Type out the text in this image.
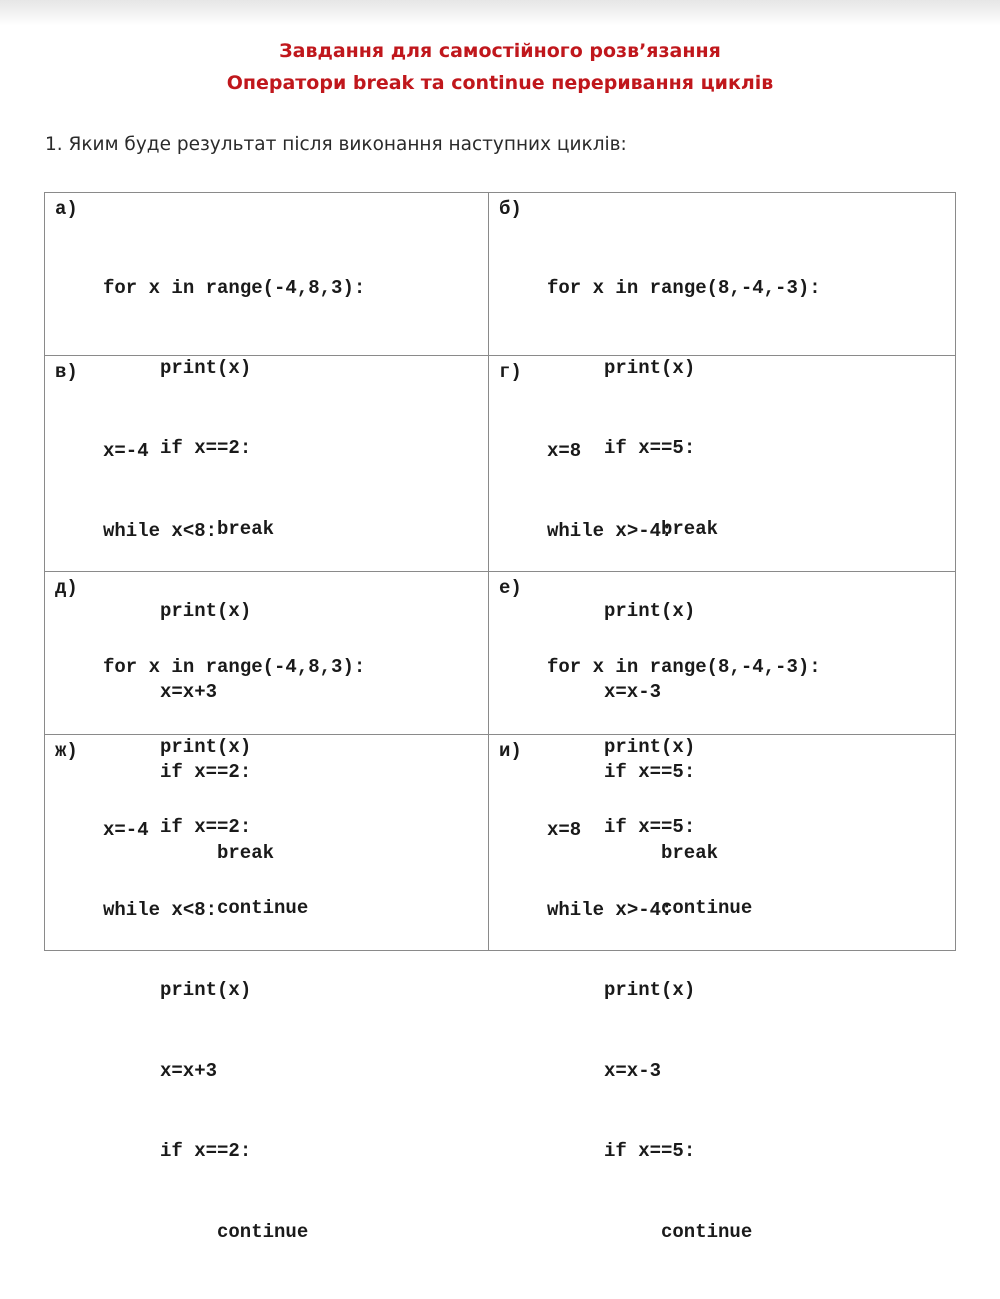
Завдання для самостійного розв’язання
Оператори break та continue переривання циклів
1. Яким буде результат після виконання наступних циклів:
а)

for x in range(-4,8,3):

print(x)

if x==2:

break

б)

for x in range(8,-4,-3):

print(x)

if x==5:

break

в)

x=-4

while x<8:

print(x)

x=x+3

if x==2:

break

г)

x=8

while x>-4:

print(x)

x=x-3

if x==5:

break

д)

for x in range(-4,8,3):

print(x)

if x==2:

continue

е)

for x in range(8,-4,-3):

print(x)

if x==5:

continue

ж)

x=-4

while x<8:

print(x)

x=x+3

if x==2:

continue

и)

x=8

while x>-4:

print(x)

x=x-3

if x==5:

continue
